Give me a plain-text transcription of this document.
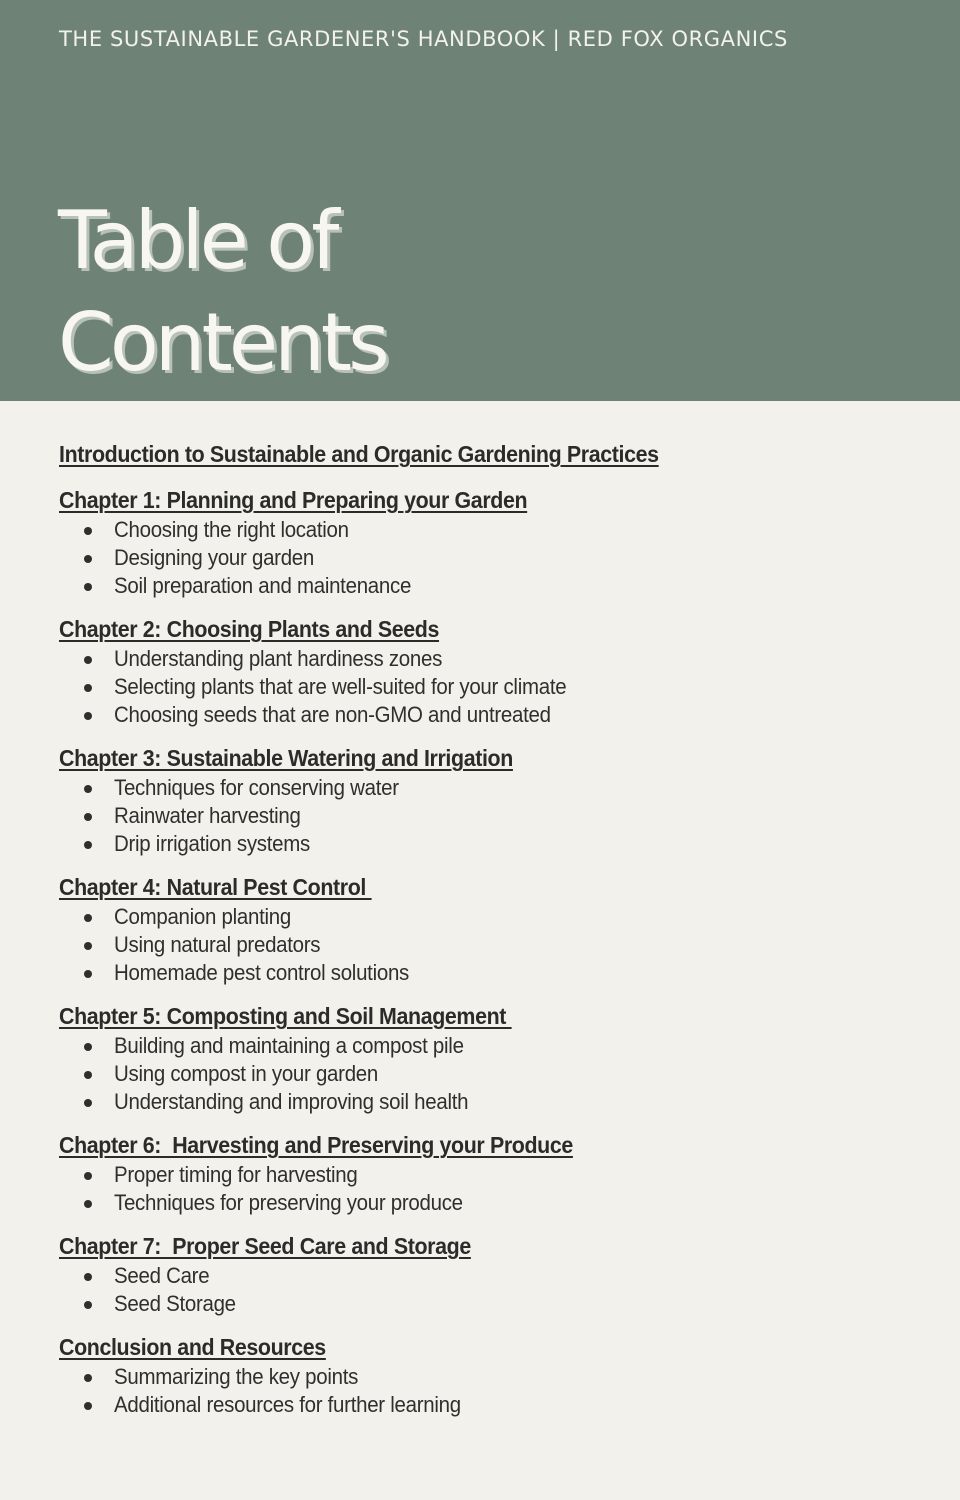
THE SUSTAINABLE GARDENER'S HANDBOOK | RED FOX ORGANICS
Table of
Contents
Introduction to Sustainable and Organic Gardening Practices
Chapter 1: Planning and Preparing your Garden
Choosing the right location
Designing your garden
Soil preparation and maintenance
Chapter 2: Choosing Plants and Seeds
Understanding plant hardiness zones
Selecting plants that are well-suited for your climate
Choosing seeds that are non-GMO and untreated
Chapter 3: Sustainable Watering and Irrigation
Techniques for conserving water
Rainwater harvesting
Drip irrigation systems
Chapter 4: Natural Pest Control
Companion planting
Using natural predators
Homemade pest control solutions
Chapter 5: Composting and Soil Management
Building and maintaining a compost pile
Using compost in your garden
Understanding and improving soil health
Chapter 6:  Harvesting and Preserving your Produce
Proper timing for harvesting
Techniques for preserving your produce
Chapter 7:  Proper Seed Care and Storage
Seed Care
Seed Storage
Conclusion and Resources
Summarizing the key points
Additional resources for further learning
